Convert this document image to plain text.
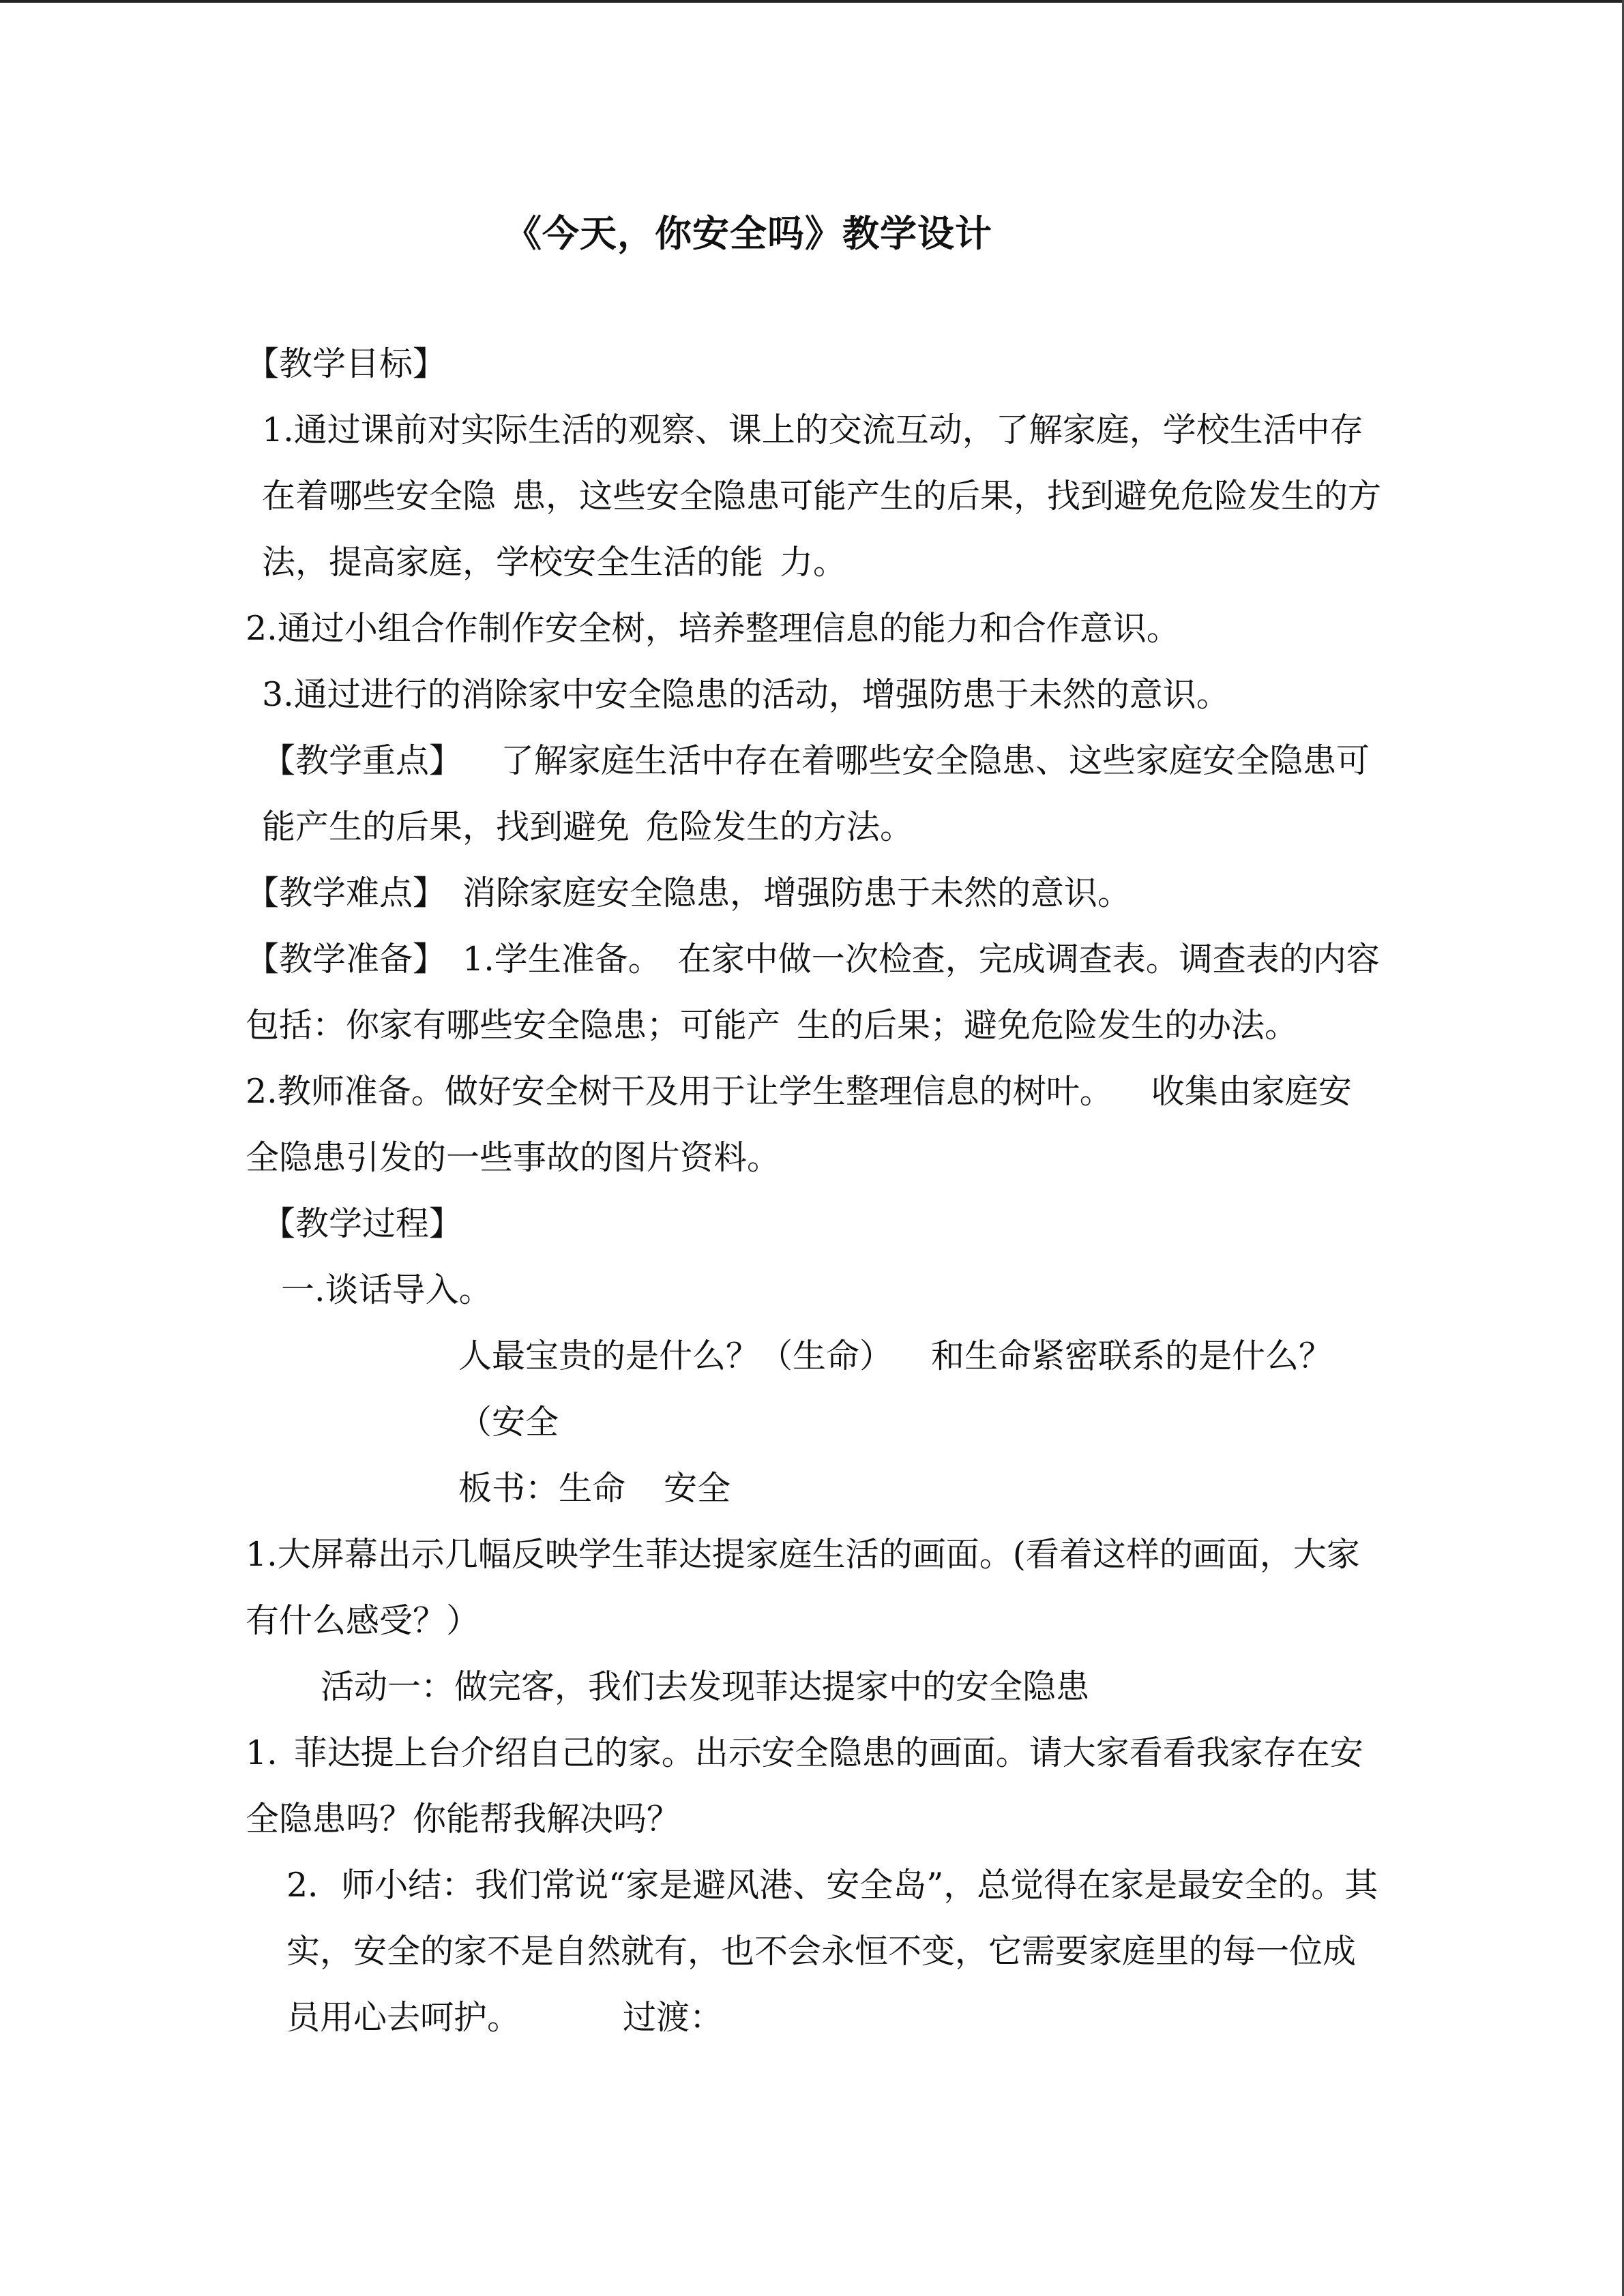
《今天，你安全吗》教学设计

【教学目标】

1.通过课前对实际生活的观察、课上的交流互动，了解家庭，学校生活中存在着哪些安全隐 患，这些安全隐患可能产生的后果，找到避免危险发生的方法，提高家庭，学校安全生活的能 力。

2.通过小组合作制作安全树，培养整理信息的能力和合作意识。

3.通过进行的消除家中安全隐患的活动，增强防患于未然的意识。

【教学重点】 了解家庭生活中存在着哪些安全隐患、这些家庭安全隐患可能产生的后果，找到避免 危险发生的方法。

【教学难点】 消除家庭安全隐患，增强防患于未然的意识。

【教学准备】 1.学生准备。 在家中做一次检查，完成调查表。调查表的内容包括：你家有哪些安全隐患；可能产 生的后果；避免危险发生的办法。

2.教师准备。做好安全树干及用于让学生整理信息的树叶。 收集由家庭安全隐患引发的一些事故的图片资料。

【教学过程】

一.谈话导入。

人最宝贵的是什么？（生命） 和生命紧密联系的是什么？（安全

板书：生命 安全

1.大屏幕出示几幅反映学生菲达提家庭生活的画面。(看着这样的画面，大家有什么感受？）

活动一：做完客，我们去发现菲达提家中的安全隐患

1. 菲达提上台介绍自己的家。出示安全隐患的画面。请大家看看我家存在安全隐患吗？你能帮我解决吗？

2．师小结：我们常说“家是避风港、安全岛”，总觉得在家是最安全的。其实，安全的家不是自然就有，也不会永恒不变，它需要家庭里的每一位成员用心去呵护。	过渡：
